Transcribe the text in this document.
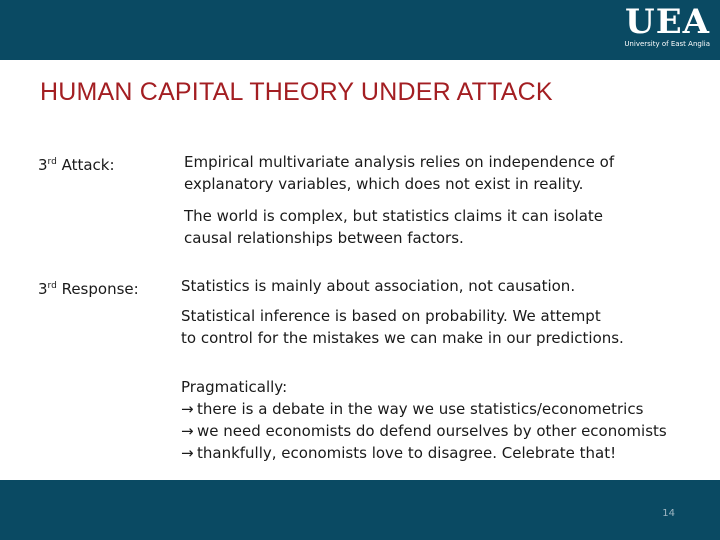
UEA
University of East Anglia
HUMAN CAPITAL THEORY UNDER ATTACK
3rd Attack:	Empirical multivariate analysis relies on independence of
explanatory variables, which does not exist in reality.
The world is complex, but statistics claims it can isolate
causal relationships between factors.
3rd Response:	Statistics is mainly about association, not causation.
Statistical inference is based on probability. We attempt
to control for the mistakes we can make in our predictions.
Pragmatically:
→ there is a debate in the way we use statistics/econometrics
→ we need economists do defend ourselves by other economists
→ thankfully, economists love to disagree. Celebrate that!
14
